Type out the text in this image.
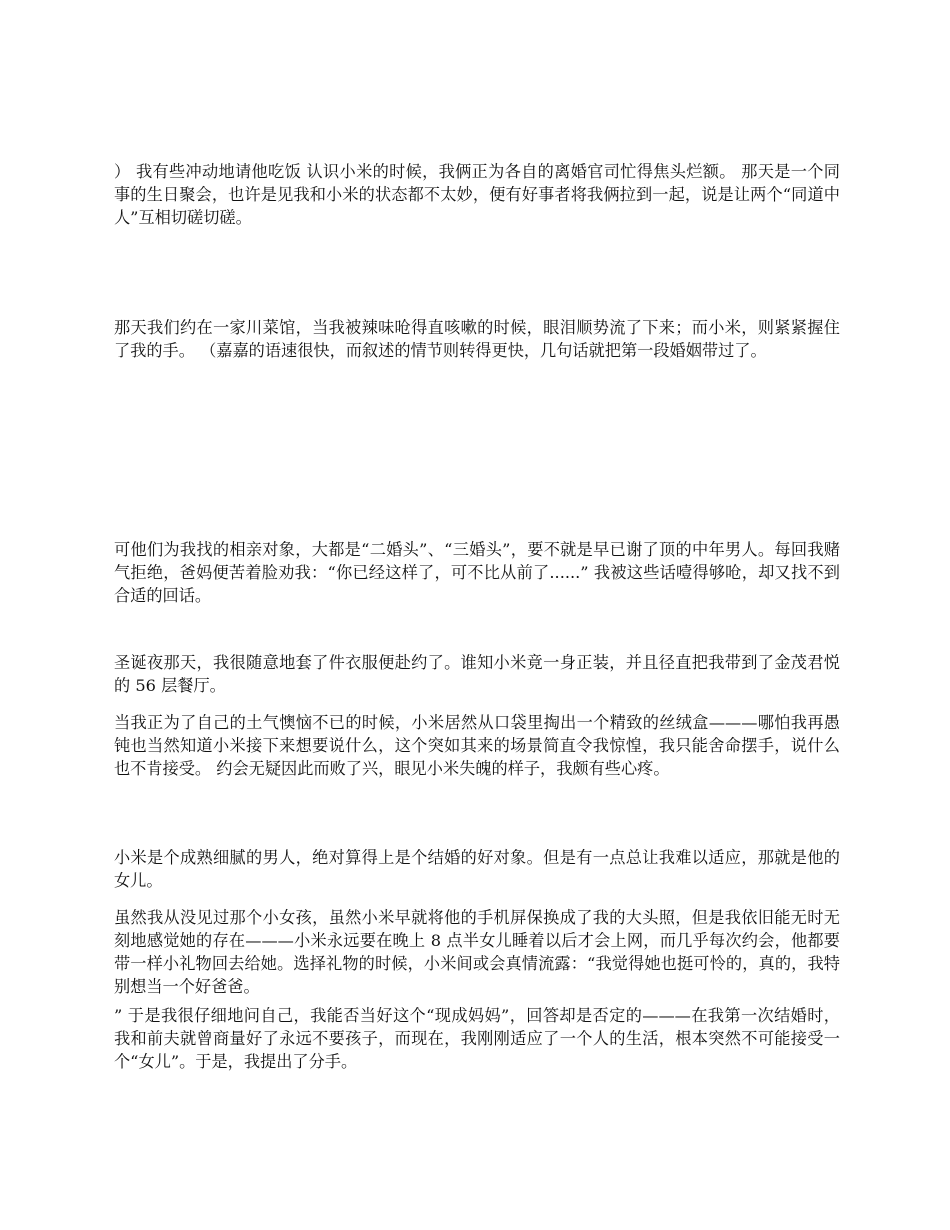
） 我有些冲动地请他吃饭 认识小米的时候，我俩正为各自的离婚官司忙得焦头烂额。 那天是一个同事的生日聚会，也许是见我和小米的状态都不太妙，便有好事者将我俩拉到一起，说是让两个“同道中人”互相切磋切磋。

那天我们约在一家川菜馆，当我被辣味呛得直咳嗽的时候，眼泪顺势流了下来；而小米，则紧紧握住了我的手。 （嘉嘉的语速很快，而叙述的情节则转得更快，几句话就把第一段婚姻带过了。

可他们为我找的相亲对象，大都是“二婚头”、“三婚头”，要不就是早已谢了顶的中年男人。每回我赌气拒绝，爸妈便苦着脸劝我：“你已经这样了，可不比从前了......” 我被这些话噎得够呛，却又找不到合适的回话。

圣诞夜那天，我很随意地套了件衣服便赴约了。谁知小米竟一身正装，并且径直把我带到了金茂君悦的 56 层餐厅。

当我正为了自己的土气懊恼不已的时候，小米居然从口袋里掏出一个精致的丝绒盒———哪怕我再愚钝也当然知道小米接下来想要说什么，这个突如其来的场景简直令我惊惶，我只能舍命摆手，说什么也不肯接受。 约会无疑因此而败了兴，眼见小米失魄的样子，我颇有些心疼。

小米是个成熟细腻的男人，绝对算得上是个结婚的好对象。但是有一点总让我难以适应，那就是他的女儿。

虽然我从没见过那个小女孩，虽然小米早就将他的手机屏保换成了我的大头照，但是我依旧能无时无刻地感觉她的存在———小米永远要在晚上 8 点半女儿睡着以后才会上网，而几乎每次约会，他都要带一样小礼物回去给她。选择礼物的时候，小米间或会真情流露：“我觉得她也挺可怜的，真的，我特别想当一个好爸爸。

” 于是我很仔细地问自己，我能否当好这个“现成妈妈”，回答却是否定的———在我第一次结婚时，我和前夫就曾商量好了永远不要孩子，而现在，我刚刚适应了一个人的生活，根本突然不可能接受一个“女儿”。于是，我提出了分手。
